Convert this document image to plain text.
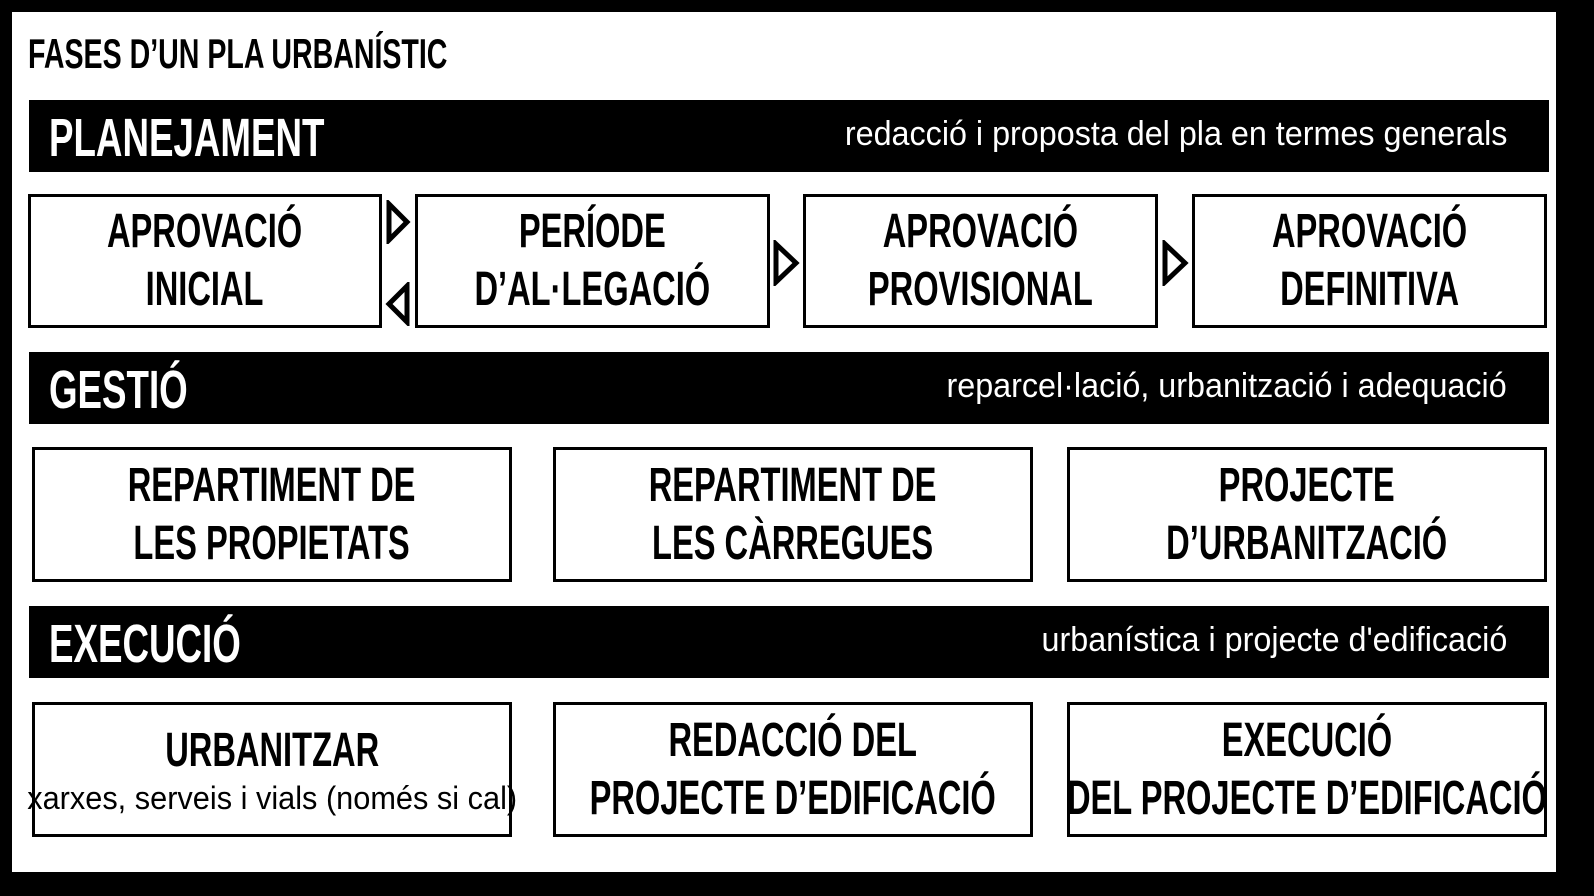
FASES D’UN PLA URBANÍSTIC
PLANEJAMENT	redacció i proposta del pla en termes generals
APROVACIÓ
INICIAL
PERÍODE
D’AL·LEGACIÓ
APROVACIÓ
PROVISIONAL
APROVACIÓ
DEFINITIVA
GESTIÓ	reparcel·lació, urbanització i adequació
REPARTIMENT DE
LES PROPIETATS
REPARTIMENT DE
LES CÀRREGUES
PROJECTE
D’URBANITZACIÓ
EXECUCIÓ	urbanística i projecte d'edificació
URBANITZAR
xarxes, serveis i vials (només si cal)
REDACCIÓ DEL
PROJECTE D’EDIFICACIÓ
EXECUCIÓ
DEL PROJECTE D’EDIFICACIÓ
